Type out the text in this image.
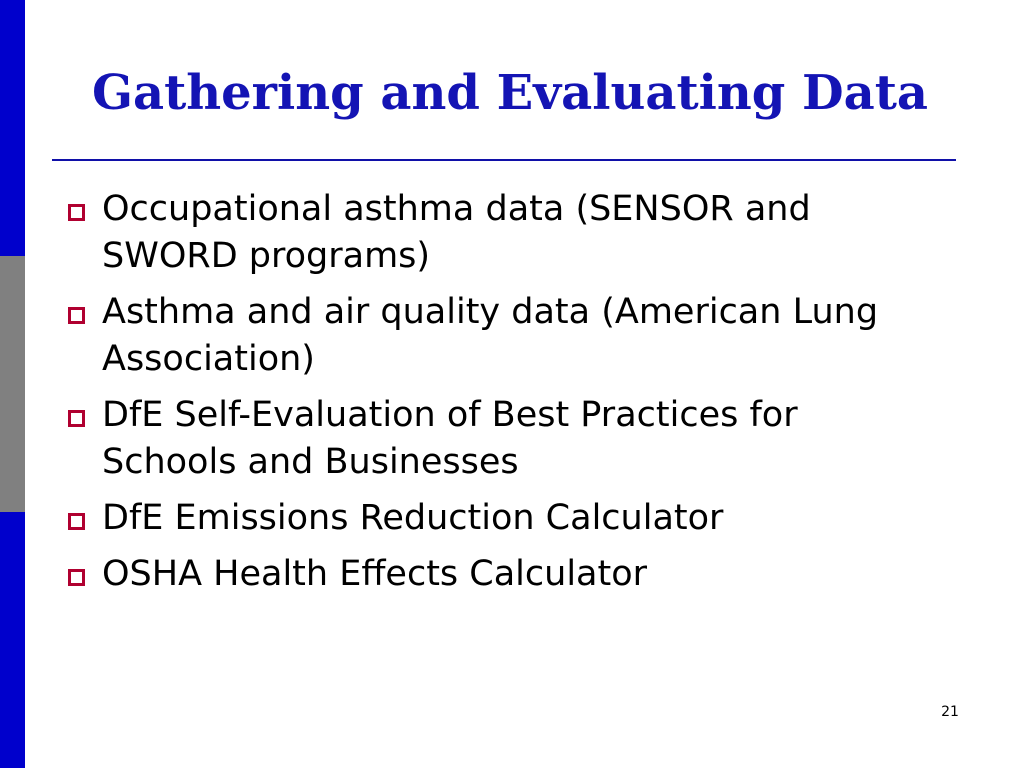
Gathering and Evaluating Data
Occupational asthma data (SENSOR and SWORD programs)
Asthma and air quality data (American Lung Association)
DfE Self-Evaluation of Best Practices for Schools and Businesses
DfE Emissions Reduction Calculator
OSHA Health Effects Calculator
21
